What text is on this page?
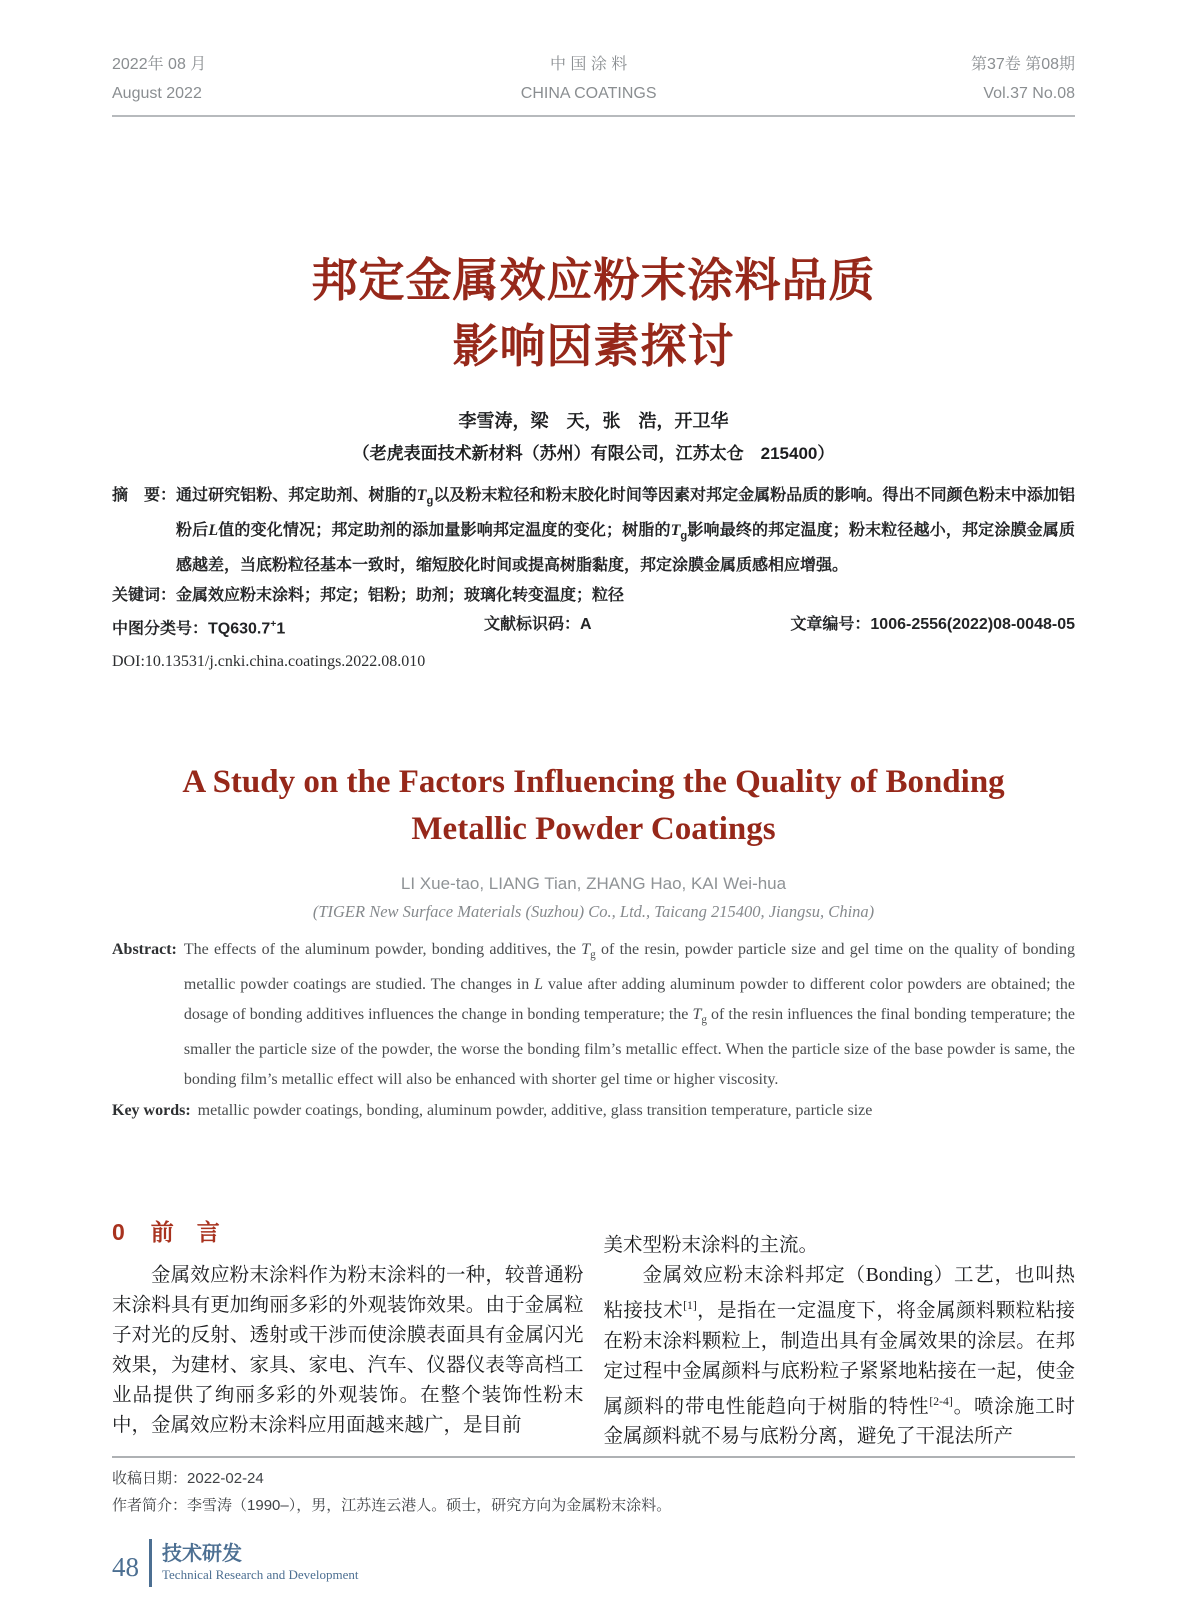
2022年 08 月
August 2022
中 国 涂 料
CHINA COATINGS
第37卷 第08期
Vol.37 No.08
邦定金属效应粉末涂料品质
影响因素探讨
李雪涛，梁　天，张　浩，开卫华
（老虎表面技术新材料（苏州）有限公司，江苏太仓　215400）
摘　要： 通过研究铝粉、邦定助剂、树脂的$T_g$以及粉末粒径和粉末胶化时间等因素对邦定金属粉品质的影响。得出不同颜色粉末中添加铝粉后L值的变化情况；邦定助剂的添加量影响邦定温度的变化；树脂的$T_g$影响最终的邦定温度；粉末粒径越小，邦定涂膜金属质感越差，当底粉粒径基本一致时，缩短胶化时间或提高树脂黏度，邦定涂膜金属质感相应增强。
关键词： 金属效应粉末涂料；邦定；铝粉；助剂；玻璃化转变温度；粒径
中图分类号：TQ630.7+1	文献标识码：A	文章编号：1006-2556(2022)08-0048-05
DOI:10.13531/j.cnki.china.coatings.2022.08.010
A Study on the Factors Influencing the Quality of Bonding
Metallic Powder Coatings
LI Xue-tao, LIANG Tian, ZHANG Hao, KAI Wei-hua
(TIGER New Surface Materials (Suzhou) Co., Ltd., Taicang 215400, Jiangsu, China)
Abstract: The effects of the aluminum powder, bonding additives, the $T_g$ of the resin, powder particle size and gel time on the quality of bonding metallic powder coatings are studied. The changes in L value after adding aluminum powder to different color powders are obtained; the dosage of bonding additives influences the change in bonding temperature; the $T_g$ of the resin influences the final bonding temperature; the smaller the particle size of the powder, the worse the bonding film’s metallic effect. When the particle size of the base powder is same, the bonding film’s metallic effect will also be enhanced with shorter gel time or higher viscosity.
Key words: metallic powder coatings, bonding, aluminum powder, additive, glass transition temperature, particle size
0 前　言
金属效应粉末涂料作为粉末涂料的一种，较普通粉末涂料具有更加绚丽多彩的外观装饰效果。由于金属粒子对光的反射、透射或干涉而使涂膜表面具有金属闪光效果，为建材、家具、家电、汽车、仪器仪表等高档工业品提供了绚丽多彩的外观装饰。在整个装饰性粉末中，金属效应粉末涂料应用面越来越广，是目前
美术型粉末涂料的主流。
金属效应粉末涂料邦定（Bonding）工艺，也叫热粘接技术[1]，是指在一定温度下，将金属颜料颗粒粘接在粉末涂料颗粒上，制造出具有金属效果的涂层。在邦定过程中金属颜料与底粉粒子紧紧地粘接在一起，使金属颜料的带电性能趋向于树脂的特性[2-4]。喷涂施工时金属颜料就不易与底粉分离，避免了干混法所产
收稿日期：2022-02-24
作者简介：李雪涛（1990–），男，江苏连云港人。硕士，研究方向为金属粉末涂料。
48 技术研发
Technical Research and Development
